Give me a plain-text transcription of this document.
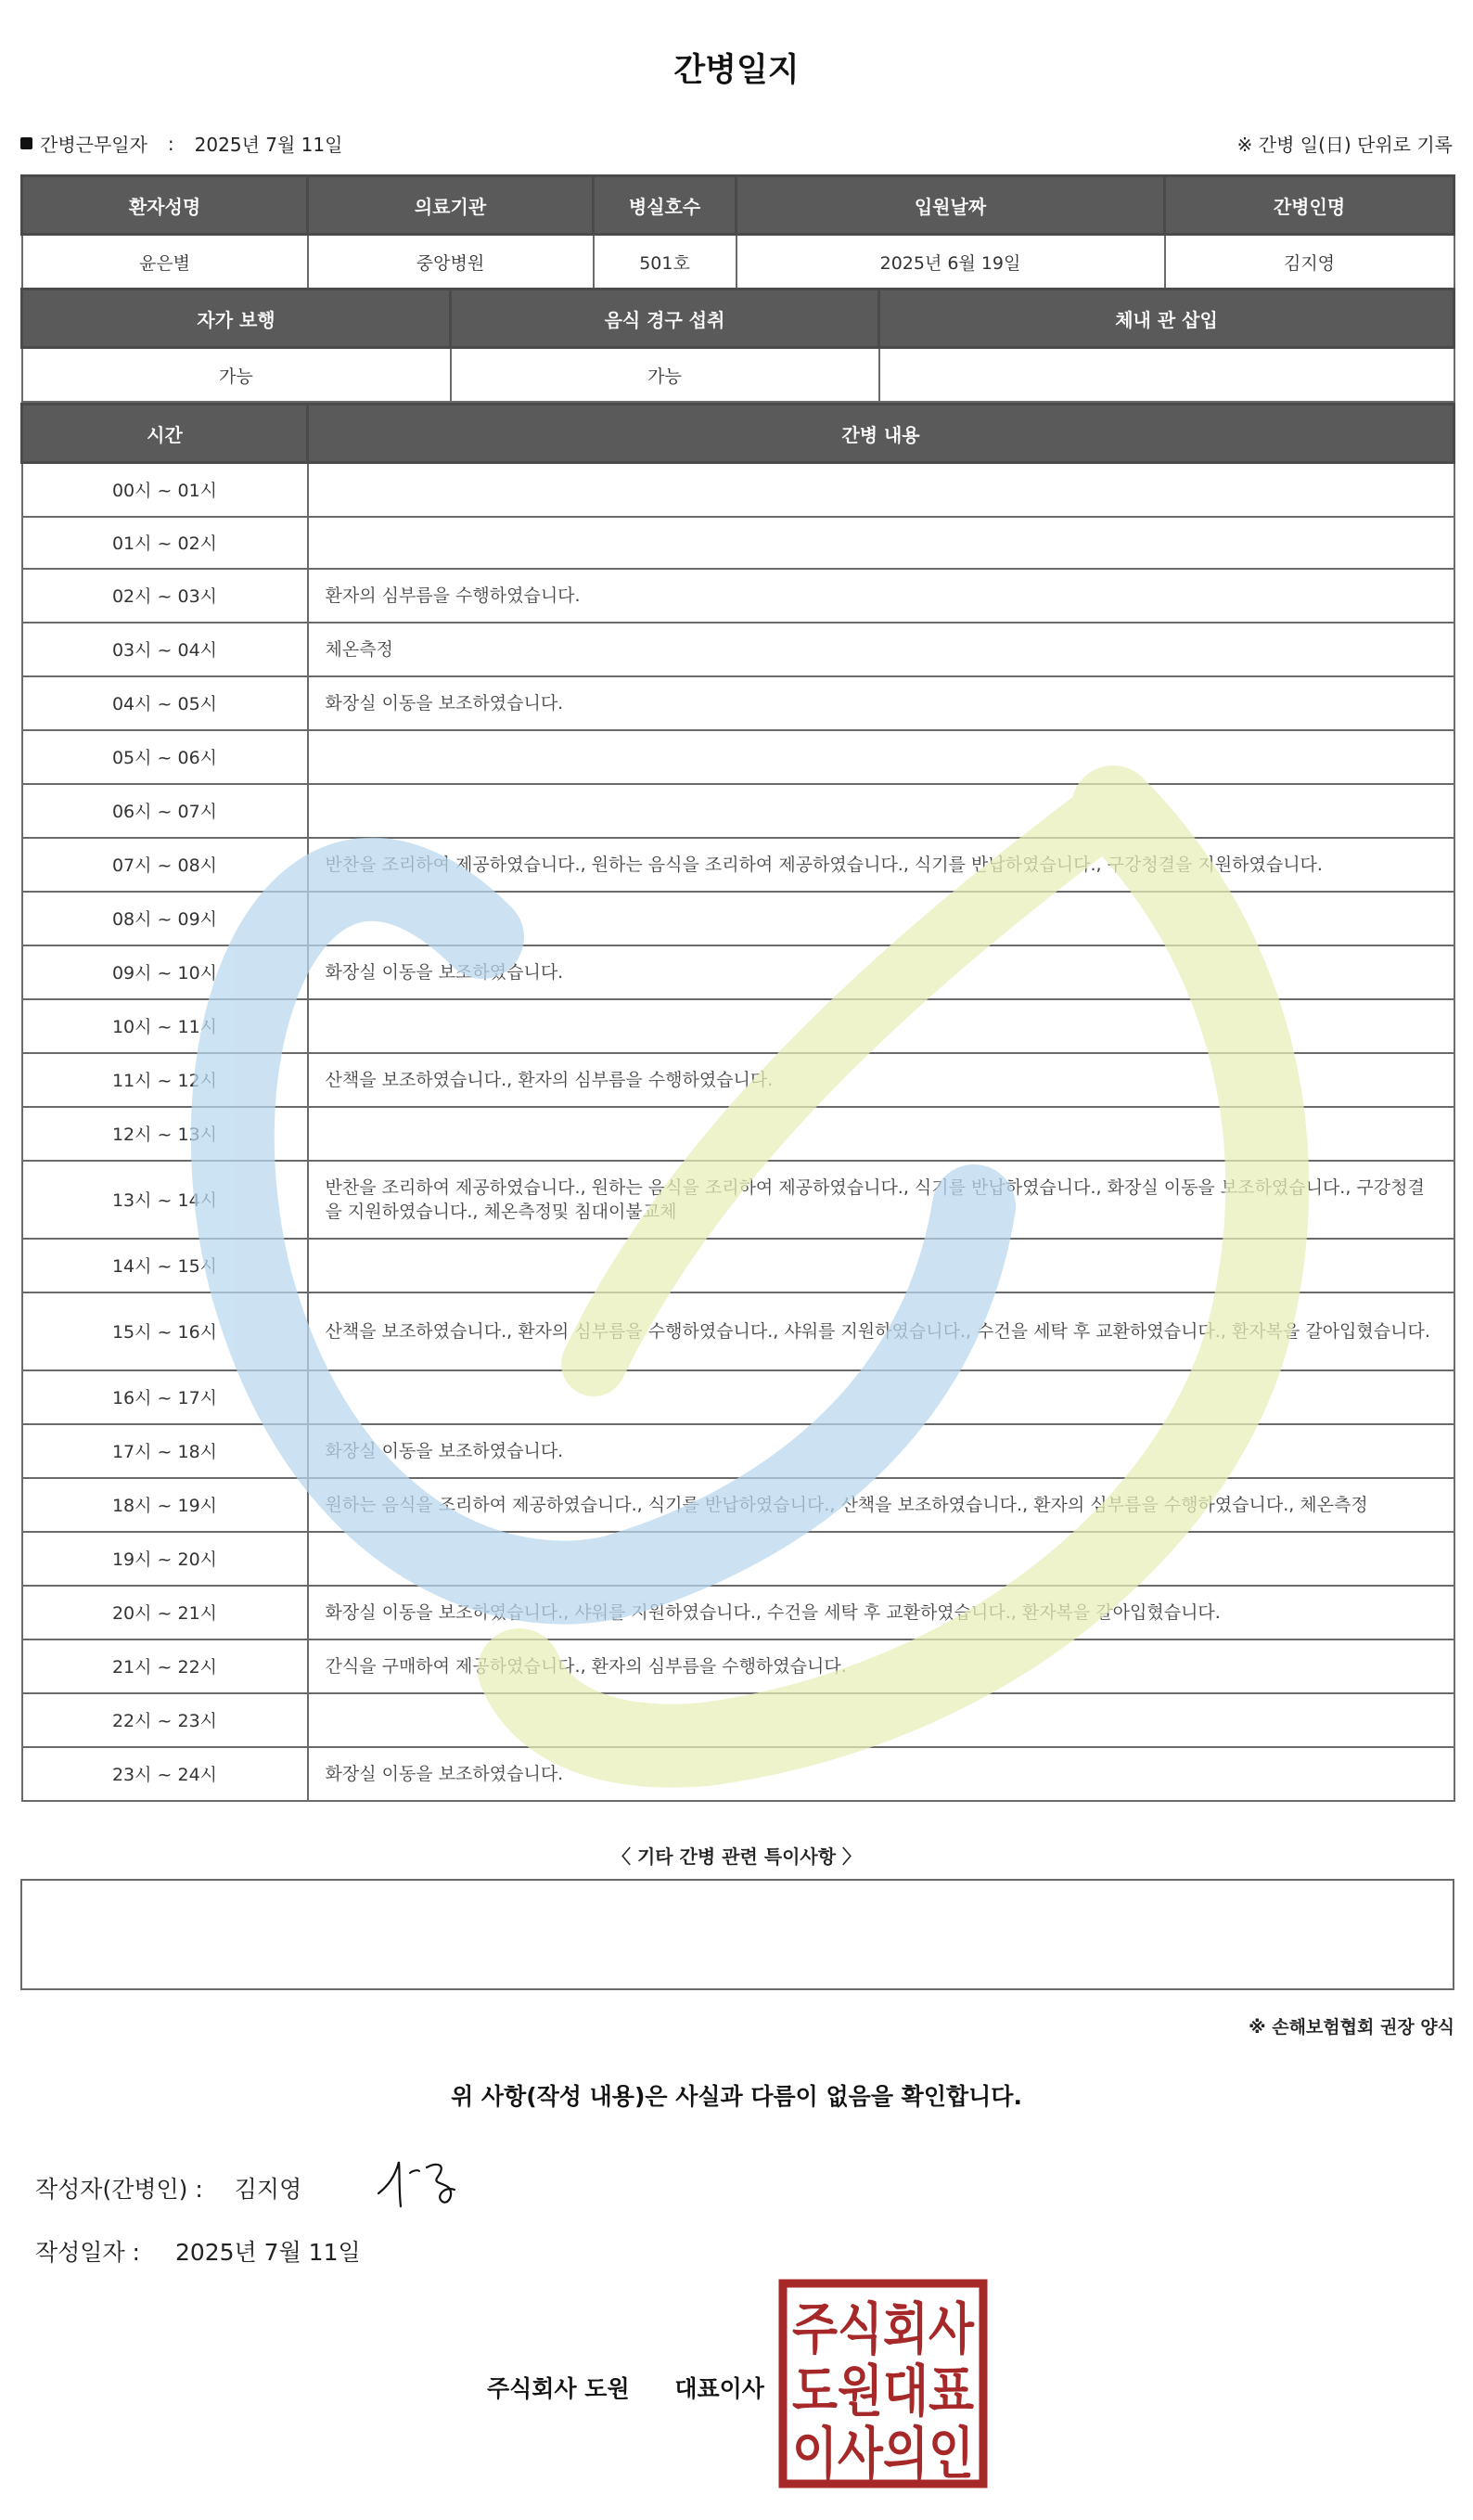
간병일지
간병근무일자 : 2025년 7월 11일	※ 간병 일(日) 단위로 기록
환자성명	의료기관	병실호수	입원날짜	간병인명
윤은별	중앙병원	501호	2025년 6월 19일	김지영
자가 보행	음식 경구 섭취	체내 관 삽입
가능	가능	
시간	간병 내용
00시 ~ 01시	
01시 ~ 02시	
02시 ~ 03시	환자의 심부름을 수행하였습니다.
03시 ~ 04시	체온측정
04시 ~ 05시	화장실 이동을 보조하였습니다.
05시 ~ 06시	
06시 ~ 07시	
07시 ~ 08시	반찬을 조리하여 제공하였습니다., 원하는 음식을 조리하여 제공하였습니다., 식기를 반납하였습니다., 구강청결을 지원하였습니다.
08시 ~ 09시	
09시 ~ 10시	화장실 이동을 보조하였습니다.
10시 ~ 11시	
11시 ~ 12시	산책을 보조하였습니다., 환자의 심부름을 수행하였습니다.
12시 ~ 13시	
13시 ~ 14시	반찬을 조리하여 제공하였습니다., 원하는 음식을 조리하여 제공하였습니다., 식기를 반납하였습니다., 화장실 이동을 보조하였습니다., 구강청결을 지원하였습니다., 체온측정및 침대이불교체
14시 ~ 15시	
15시 ~ 16시	산책을 보조하였습니다., 환자의 심부름을 수행하였습니다., 샤워를 지원하였습니다., 수건을 세탁 후 교환하였습니다., 환자복을 갈아입혔습니다.
16시 ~ 17시	
17시 ~ 18시	화장실 이동을 보조하였습니다.
18시 ~ 19시	원하는 음식을 조리하여 제공하였습니다., 식기를 반납하였습니다., 산책을 보조하였습니다., 환자의 심부름을 수행하였습니다., 체온측정
19시 ~ 20시	
20시 ~ 21시	화장실 이동을 보조하였습니다., 샤워를 지원하였습니다., 수건을 세탁 후 교환하였습니다., 환자복을 갈아입혔습니다.
21시 ~ 22시	간식을 구매하여 제공하였습니다., 환자의 심부름을 수행하였습니다.
22시 ~ 23시	
23시 ~ 24시	화장실 이동을 보조하였습니다.
〈 기타 간병 관련 특이사항 〉
※ 손해보험협회 권장 양식
위 사항(작성 내용)은 사실과 다름이 없음을 확인합니다.
작성자(간병인) : 김지영
작성일자 : 2025년 7월 11일
주식회사 도원 대표이사
주식회사
도원대표
이사의인
